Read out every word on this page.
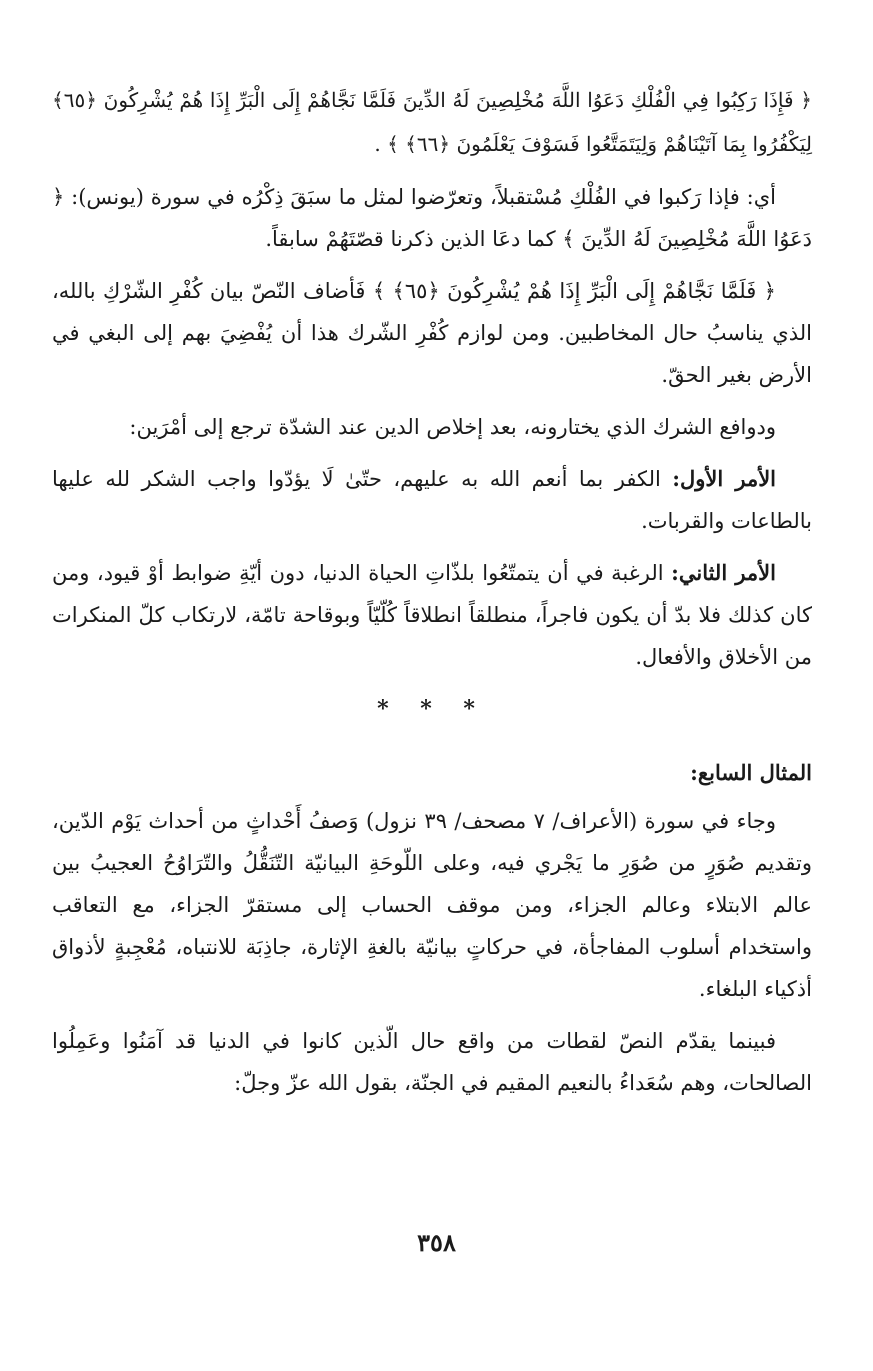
﴿ فَإِذَا رَكِبُوا فِي الْفُلْكِ دَعَوُا اللَّهَ مُخْلِصِينَ لَهُ الدِّينَ فَلَمَّا نَجَّاهُمْ إِلَى الْبَرِّ إِذَا هُمْ يُشْرِكُونَ ﴿٦٥﴾ لِيَكْفُرُوا بِمَا آتَيْنَاهُمْ وَلِيَتَمَتَّعُوا فَسَوْفَ يَعْلَمُونَ ﴿٦٦﴾ ﴾ .

أي: فإذا رَكبوا في الفُلْكِ مُسْتقبلاً، وتعرّضوا لمثل ما سبَقَ ذِكْرُه في سورة (يونس): ﴿ دَعَوُا اللَّهَ مُخْلِصِينَ لَهُ الدِّينَ ﴾ كما دعَا الذين ذكرنا قصّتَهُمْ سابقاً.

﴿ فَلَمَّا نَجَّاهُمْ إِلَى الْبَرِّ إِذَا هُمْ يُشْرِكُونَ ﴿٦٥﴾ ﴾ فَأضاف النّصّ بيان كُفْرِ الشّرْكِ بالله، الذي يناسبُ حال المخاطبين. ومن لوازم كُفْرِ الشّرك هذا أن يُفْضِيَ بهم إلى البغي في الأرض بغير الحقّ.

ودوافع الشرك الذي يختارونه، بعد إخلاص الدين عند الشدّة ترجع إلى أمْرَين:

الأمر الأول: الكفر بما أنعم الله به عليهم، حتّىٰ لَا يؤدّوا واجب الشكر لله عليها بالطاعات والقربات.

الأمر الثاني: الرغبة في أن يتمتّعُوا بلذّاتِ الحياة الدنيا، دون أيّةِ ضوابط أوْ قيود، ومن كان كذلك فلا بدّ أن يكون فاجراً، منطلقاً انطلاقاً كُلّيّاً وبوقاحة تامّة، لارتكاب كلّ المنكرات من الأخلاق والأفعال.

* * *

المثال السابع:

وجاء في سورة (الأعراف/ ٧ مصحف/ ٣٩ نزول) وَصفُ أَحْداثٍ من أحداث يَوْم الدّين، وتقديم صُوَرٍ من صُوَرِ ما يَجْري فيه، وعلى اللّوحَةِ البيانيّة التّنَقُّلُ والتّرَاوُحُ العجيبُ بين عالم الابتلاء وعالم الجزاء، ومن موقف الحساب إلى مستقرّ الجزاء، مع التعاقب واستخدام أسلوب المفاجأة، في حركاتٍ بيانيّة بالغةِ الإثارة، جاذِبَة للانتباه، مُعْجِبةٍ لأذواق أذكياء البلغاء.

فبينما يقدّم النصّ لقطات من واقع حال الّذين كانوا في الدنيا قد آمَنُوا وعَمِلُوا الصالحات، وهم سُعَداءُ بالنعيم المقيم في الجنّة، بقول الله عزّ وجلّ:

٣٥٨
